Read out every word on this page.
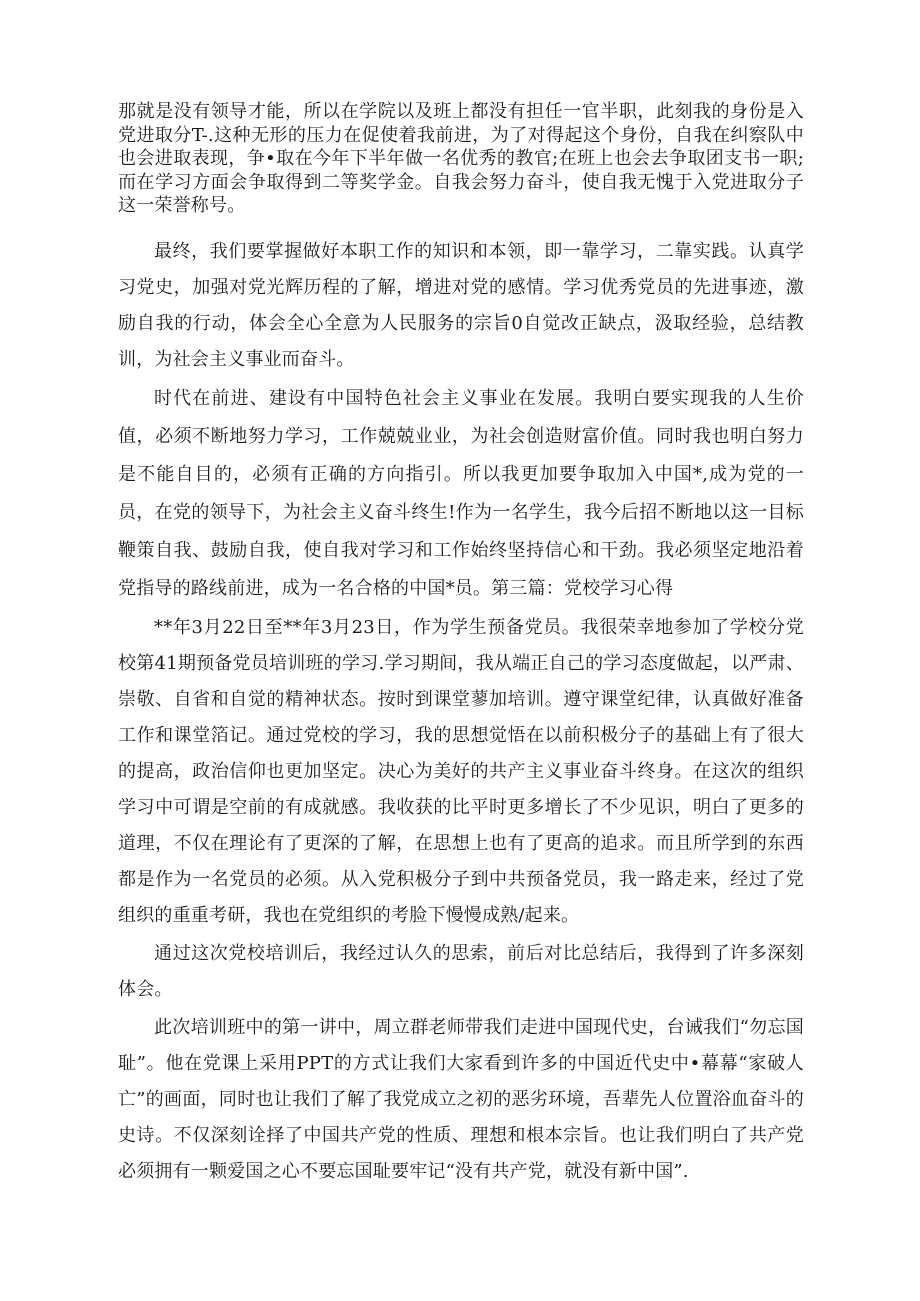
那就是没有领导才能，所以在学院以及班上都没有担任一官半职，此刻我的身份是入党进取分T-.这种无形的压力在促使着我前进，为了对得起这个身份，自我在纠察队中也会进取表现，争•取在今年下半年做一名优秀的教官;在班上也会去争取团支书一职;而在学习方面会争取得到二等奖学金。自我会努力奋斗，使自我无愧于入党进取分子这一荣誉称号。

最终，我们要掌握做好本职工作的知识和本领，即一靠学习，二靠实践。认真学习党史，加强对党光辉历程的了解，增进对党的感情。学习优秀党员的先进事迹，激励自我的行动，体会全心全意为人民服务的宗旨0自觉改正缺点，汲取经验，总结教训，为社会主义事业而奋斗。

时代在前进、建设有中国特色社会主义事业在发展。我明白要实现我的人生价值，必须不断地努力学习，工作兢兢业业，为社会创造财富价值。同时我也明白努力是不能自目的，必须有正确的方向指引。所以我更加要争取加入中国*,成为党的一员，在党的领导下，为社会主义奋斗终生!作为一名学生，我今后招不断地以这一目标鞭策自我、鼓励自我，使自我对学习和工作始终坚持信心和干劲。我必须坚定地沿着党指导的路线前进，成为一名合格的中国*员。第三篇：党校学习心得

**年3月22日至**年3月23日，作为学生预备党员。我很荣幸地参加了学校分党校第41期预备党员培训班的学习.学习期间，我从端正自己的学习态度做起，以严肃、崇敬、自省和自觉的精神状态。按时到课堂蓼加培训。遵守课堂纪律，认真做好准备工作和课堂箔记。通过党校的学习，我的思想觉悟在以前积极分子的基础上有了很大的提高，政治信仰也更加坚定。决心为美好的共产主义事业奋斗终身。在这次的组织学习中可谓是空前的有成就感。我收获的比平时更多增长了不少见识，明白了更多的道理，不仅在理论有了更深的了解，在思想上也有了更高的追求。而且所学到的东西都是作为一名党员的必须。从入党积极分子到中共预备党员，我一路走来，经过了党组织的重重考研，我也在党组织的考脸下慢慢成熟/起来。

通过这次党校培训后，我经过认久的思索，前后对比总结后，我得到了许多深刻体会。

此次培训班中的第一讲中，周立群老师带我们走进中国现代史，台诫我们“勿忘国耻”。他在党课上采用PPT的方式让我们大家看到许多的中国近代史中•幕幕“家破人亡”的画面，同时也让我们了解了我党成立之初的恶劣环境，吾辈先人位置浴血奋斗的史诗。不仅深刻诠择了中国共产党的性质、理想和根本宗旨。也让我们明白了共产党必须拥有一颗爱国之心不要忘国耻要牢记“没有共产党，就没有新中国”.
